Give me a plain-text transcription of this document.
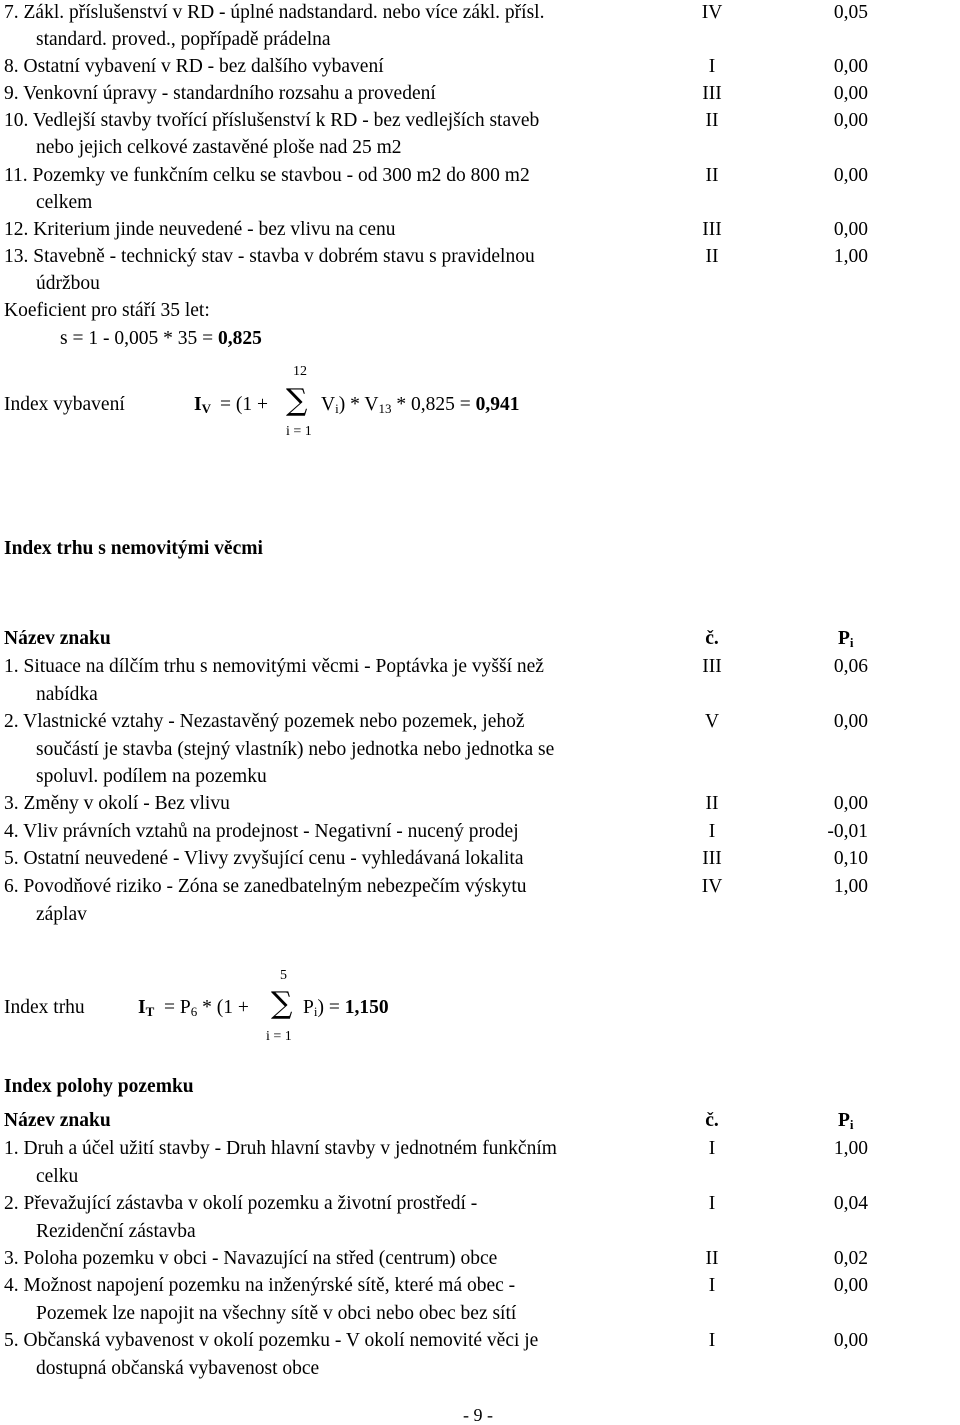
7. Zákl. příslušenství v RD - úplné nadstandard. nebo více zákl. přísl.
standard. proved., popřípadě prádelna
IV	0,05
8. Ostatní vybavení v RD - bez dalšího vybavení	I	0,00
9. Venkovní úpravy - standardního rozsahu a provedení	III	0,00
10. Vedlejší stavby tvořící příslušenství k RD - bez vedlejších staveb
nebo jejich celkové zastavěné ploše nad 25 m2
II	0,00
11. Pozemky ve funkčním celku se stavbou - od 300 m2 do 800 m2
celkem
II	0,00
12. Kriterium jinde neuvedené - bez vlivu na cenu	III	0,00
13. Stavebně - technický stav - stavba v dobrém stavu s pravidelnou
údržbou
II	1,00
Koeficient pro stáří 35 let:
s = 1 - 0,005 * 35 = 0,825
Index vybavení	$I_V = (1$ +
12
∑
i = 1
$V_i) * V_{13} * 0,825 = 0,941$
Index trhu s nemovitými věcmi
Název znaku	č.	$P_i$
1. Situace na dílčím trhu s nemovitými věcmi - Poptávka je vyšší než
nabídka
III	0,06
2. Vlastnické vztahy - Nezastavěný pozemek nebo pozemek, jehož
součástí je stavba (stejný vlastník) nebo jednotka nebo jednotka se
spoluvl. podílem na pozemku
V	0,00
3. Změny v okolí - Bez vlivu	II	0,00
4. Vliv právních vztahů na prodejnost - Negativní - nucený prodej	I	-0,01
5. Ostatní neuvedené - Vlivy zvyšující cenu - vyhledávaná lokalita	III	0,10
6. Povodňové riziko - Zóna se zanedbatelným nebezpečím výskytu
záplav
IV	1,00
Index trhu	$I_T = P_6 * (1$ +
5
∑
i = 1
$P_i) = 1,150$
Index polohy pozemku
Název znaku	č.	$P_i$
1. Druh a účel užití stavby - Druh hlavní stavby v jednotném funkčním
celku
I	1,00
2. Převažující zástavba v okolí pozemku a životní prostředí -
Rezidenční zástavba
I	0,04
3. Poloha pozemku v obci - Navazující na střed (centrum) obce	II	0,02
4. Možnost napojení pozemku na inženýrské sítě, které má obec -
Pozemek lze napojit na všechny sítě v obci nebo obec bez sítí
I	0,00
5. Občanská vybavenost v okolí pozemku - V okolí nemovité věci je
dostupná občanská vybavenost obce
I	0,00
- 9 -
